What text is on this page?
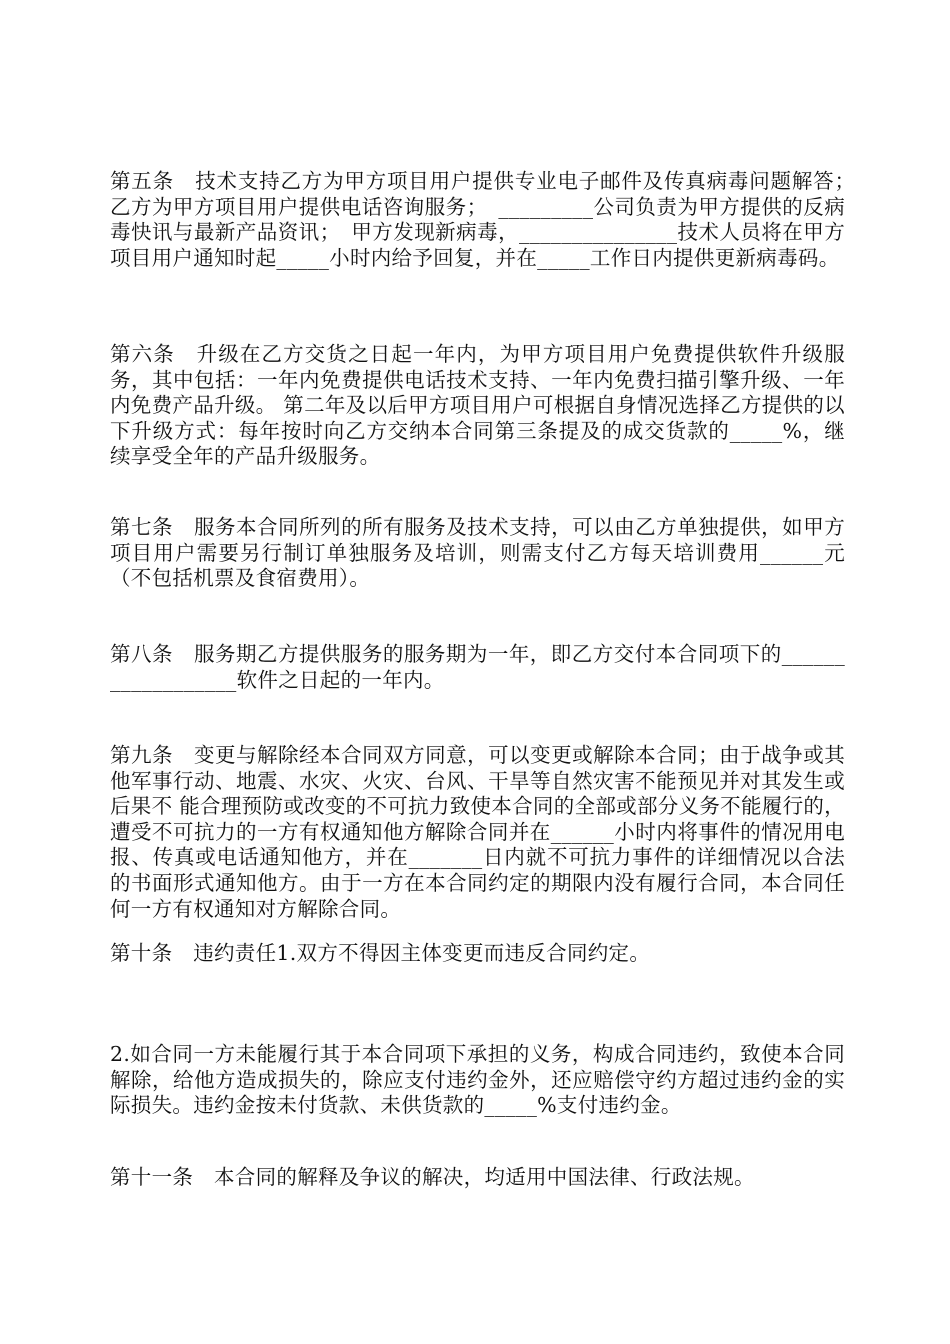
第五条　技术支持乙方为甲方项目用户提供专业电子邮件及传真病毒问题解答；　乙方为甲方项目用户提供电话咨询服务；　_________公司负责为甲方提供的反病毒快讯与最新产品资讯；　甲方发现新病毒，_______________技术人员将在甲方项目用户通知时起_____小时内给予回复，并在_____工作日内提供更新病毒码。

第六条　升级在乙方交货之日起一年内，为甲方项目用户免费提供软件升级服务，其中包括：一年内免费提供电话技术支持、一年内免费扫描引擎升级、一年内免费产品升级。 第二年及以后甲方项目用户可根据自身情况选择乙方提供的以下升级方式：每年按时向乙方交纳本合同第三条提及的成交货款的_____%，继续享受全年的产品升级服务。

第七条　服务本合同所列的所有服务及技术支持，可以由乙方单独提供，如甲方项目用户需要另行制订单独服务及培训，则需支付乙方每天培训费用______元（不包括机票及食宿费用）。

第八条　服务期乙方提供服务的服务期为一年，即乙方交付本合同项下的__________________软件之日起的一年内。

第九条　变更与解除经本合同双方同意，可以变更或解除本合同；由于战争或其他军事行动、地震、水灾、火灾、台风、干旱等自然灾害不能预见并对其发生或后果不 能合理预防或改变的不可抗力致使本合同的全部或部分义务不能履行的，遭受不可抗力的一方有权通知他方解除合同并在______小时内将事件的情况用电报、传真或电话通知他方，并在_______日内就不可抗力事件的详细情况以合法的书面形式通知他方。由于一方在本合同约定的期限内没有履行合同，本合同任何一方有权通知对方解除合同。

第十条　违约责任1.双方不得因主体变更而违反合同约定。

2.如合同一方未能履行其于本合同项下承担的义务，构成合同违约，致使本合同解除，给他方造成损失的，除应支付违约金外，还应赔偿守约方超过违约金的实际损失。违约金按未付货款、未供货款的_____%支付违约金。

第十一条　本合同的解释及争议的解决，均适用中国法律、行政法规。
